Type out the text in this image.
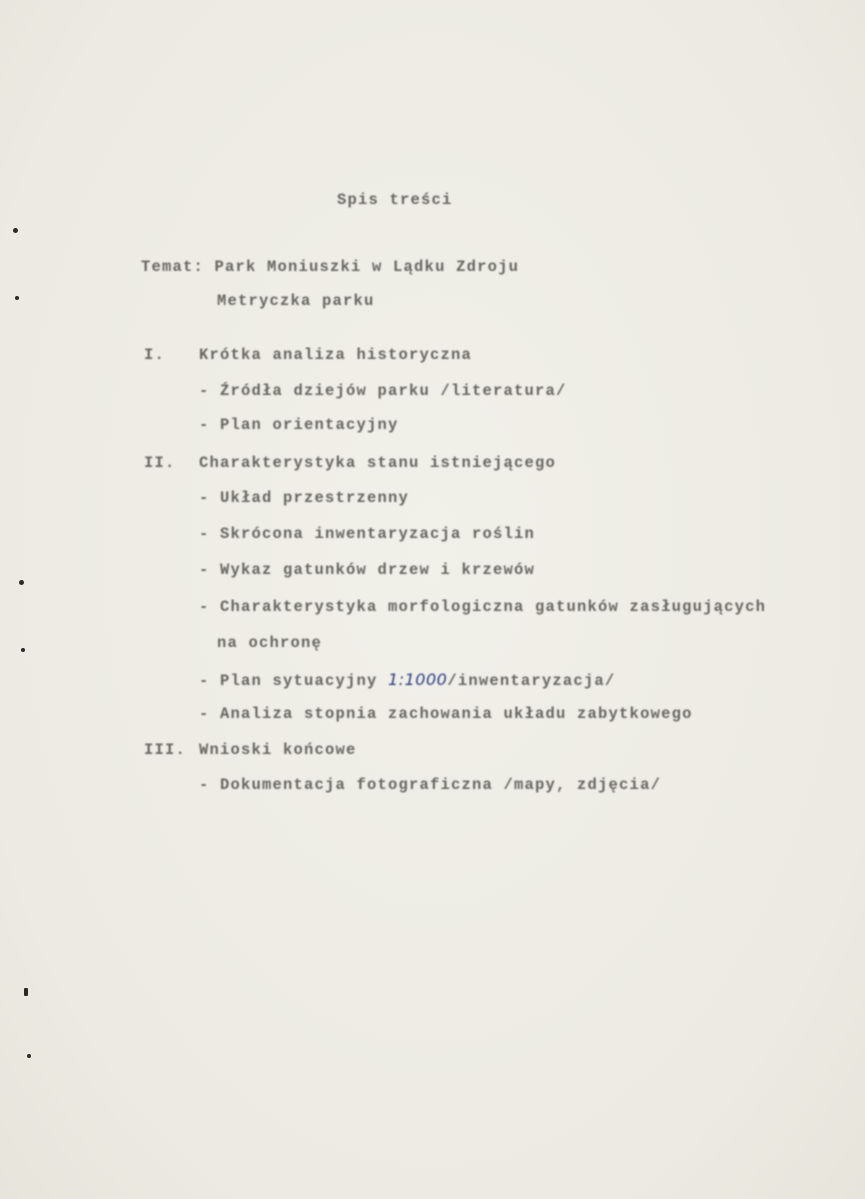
Spis treści
Temat: Park Moniuszki w Lądku Zdroju
Metryczka parku
I. Krótka analiza historyczna
- Źródła dziejów parku /literatura/
- Plan orientacyjny
II. Charakterystyka stanu istniejącego
- Układ przestrzenny
- Skrócona inwentaryzacja roślin
- Wykaz gatunków drzew i krzewów
- Charakterystyka morfologiczna gatunków zasługujących
na ochronę
- Plan sytuacyjny 1:1000/inwentaryzacja/
- Analiza stopnia zachowania układu zabytkowego
III. Wnioski końcowe
- Dokumentacja fotograficzna /mapy, zdjęcia/
